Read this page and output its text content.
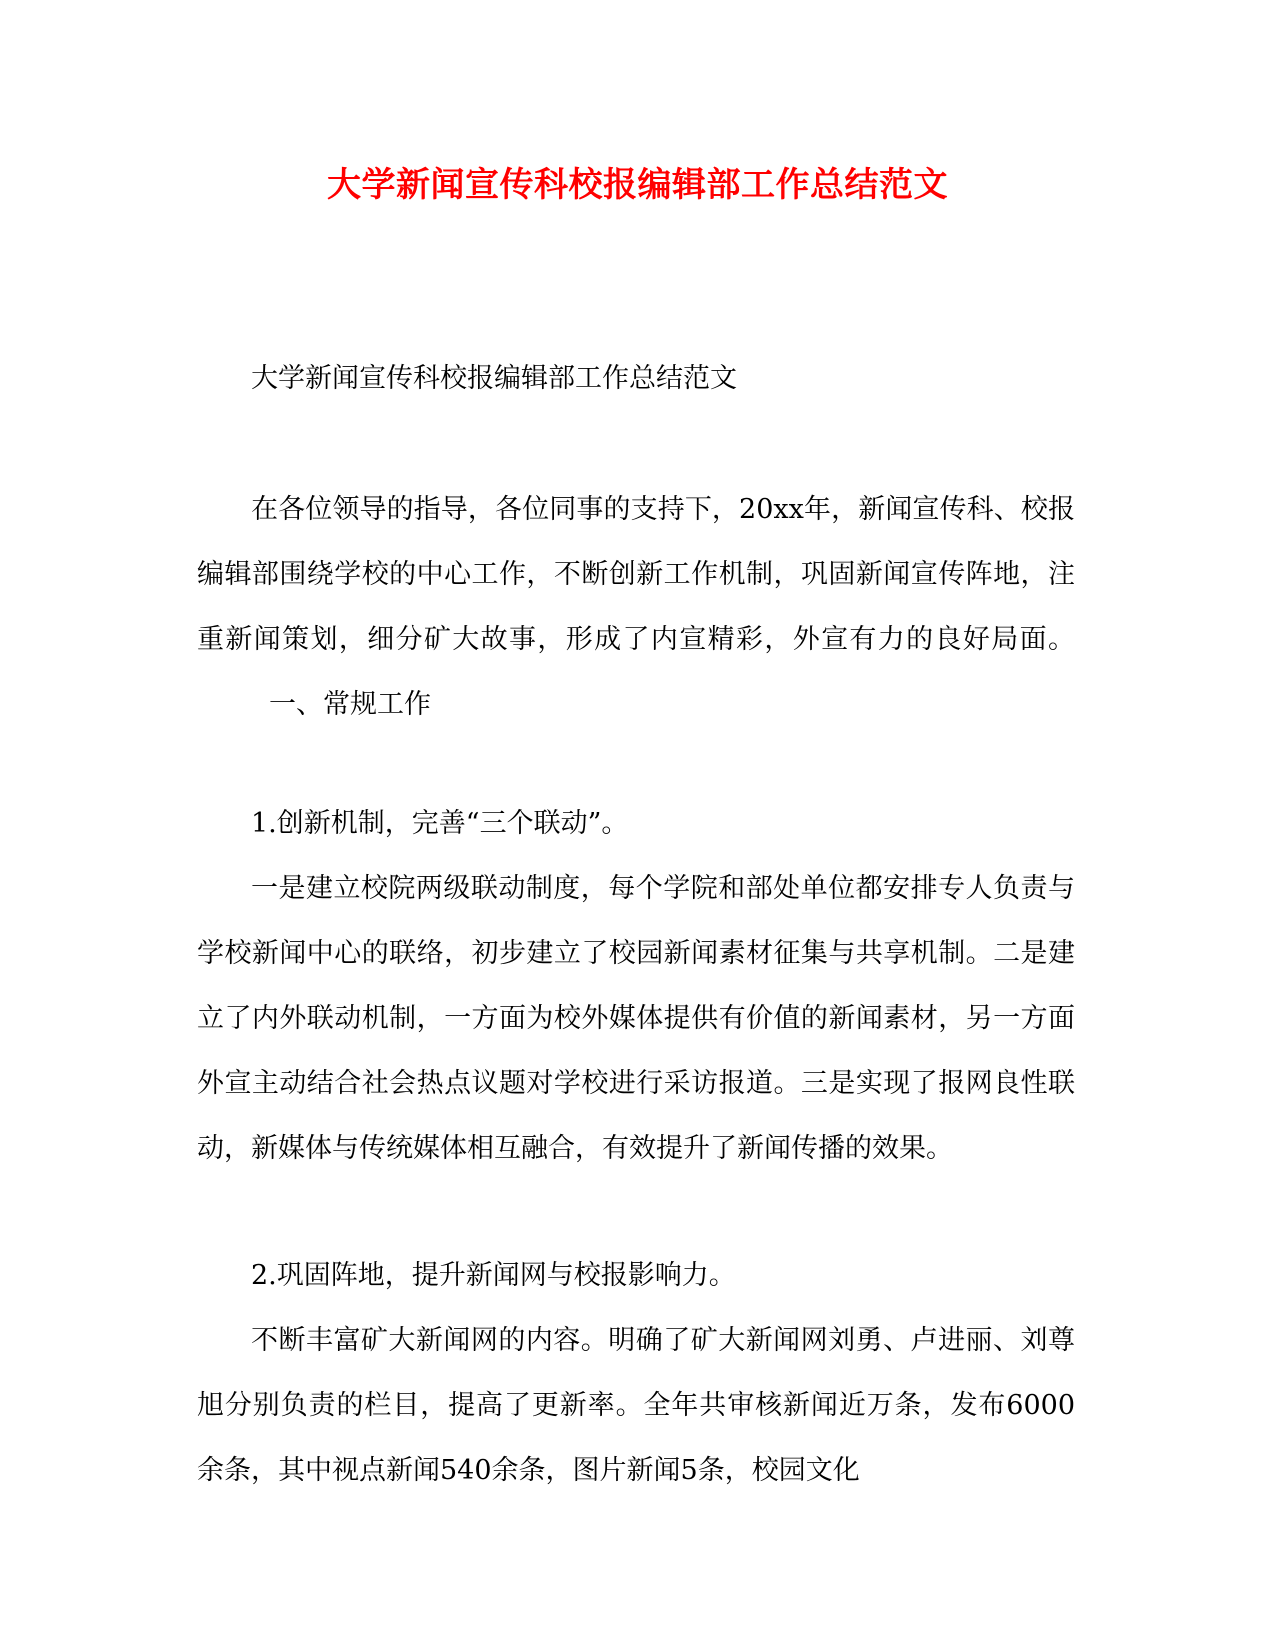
大学新闻宣传科校报编辑部工作总结范文

大学新闻宣传科校报编辑部工作总结范文

在各位领导的指导，各位同事的支持下，20xx年，新闻宣传科、校报编辑部围绕学校的中心工作，不断创新工作机制，巩固新闻宣传阵地，注重新闻策划，细分矿大故事，形成了内宣精彩，外宣有力的良好局面。一、常规工作

1.创新机制，完善“三个联动”。

一是建立校院两级联动制度，每个学院和部处单位都安排专人负责与学校新闻中心的联络，初步建立了校园新闻素材征集与共享机制。二是建立了内外联动机制，一方面为校外媒体提供有价值的新闻素材，另一方面外宣主动结合社会热点议题对学校进行采访报道。三是实现了报网良性联动，新媒体与传统媒体相互融合，有效提升了新闻传播的效果。

2.巩固阵地，提升新闻网与校报影响力。

不断丰富矿大新闻网的内容。明确了矿大新闻网刘勇、卢进丽、刘尊旭分别负责的栏目，提高了更新率。全年共审核新闻近万条，发布6000余条，其中视点新闻540余条，图片新闻5条，校园文化
